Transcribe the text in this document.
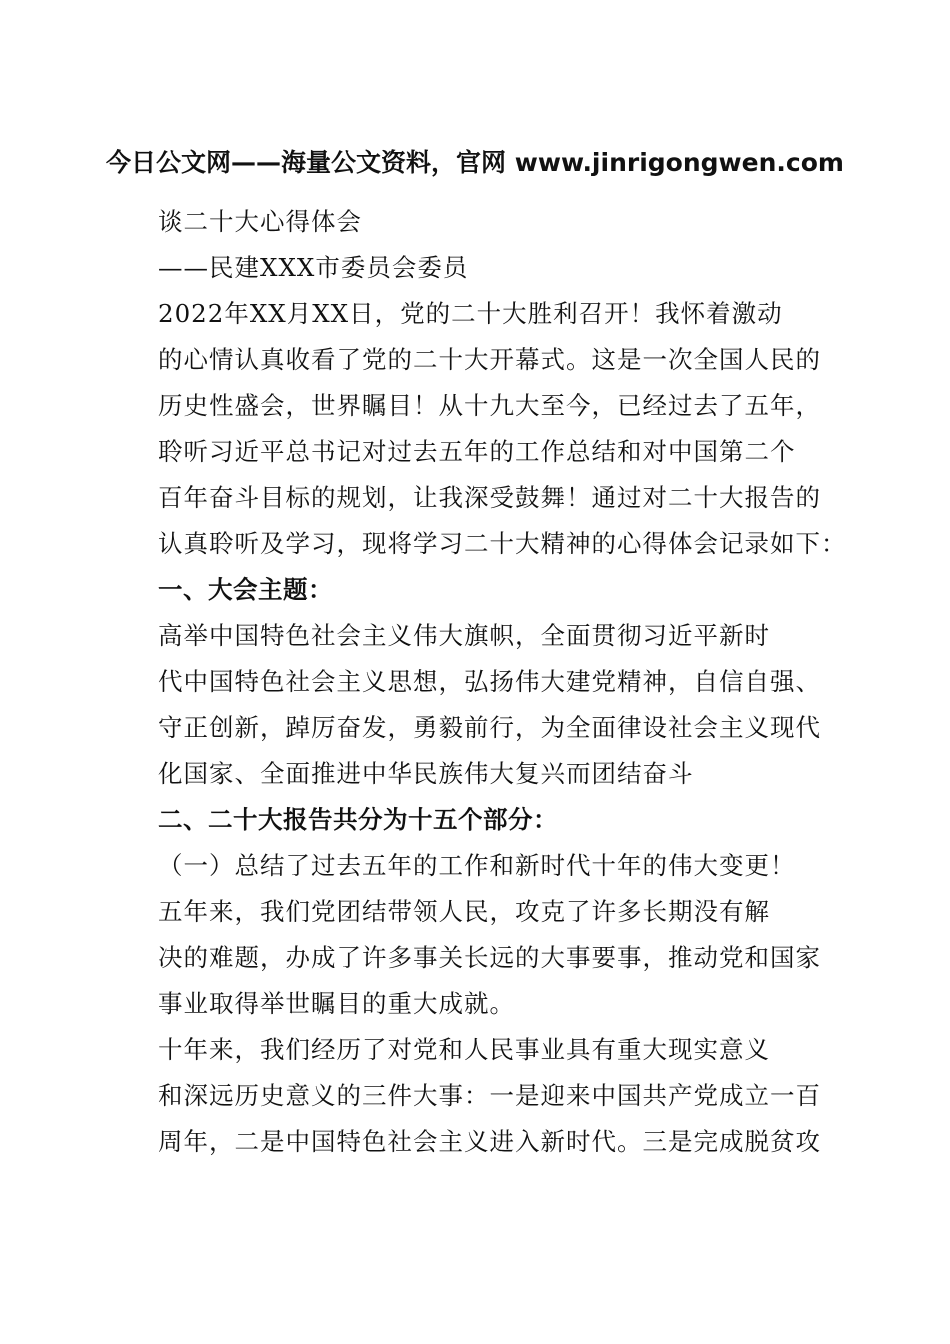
今日公文网——海量公文资料，官网 www.jinrigongwen.com
谈二十大心得体会
——民建XXX市委员会委员
2022年XX月XX日，党的二十大胜利召开！我怀着激动
的心情认真收看了党的二十大开幕式。这是一次全国人民的
历史性盛会，世界瞩目！从十九大至今，已经过去了五年，
聆听习近平总书记对过去五年的工作总结和对中国第二个
百年奋斗目标的规划，让我深受鼓舞！通过对二十大报告的
认真聆听及学习，现将学习二十大精神的心得体会记录如下：
一、大会主题：
高举中国特色社会主义伟大旗帜，全面贯彻习近平新时
代中国特色社会主义思想，弘扬伟大建党精神，自信自强、
守正创新，踔厉奋发，勇毅前行，为全面律设社会主义现代
化国家、全面推进中华民族伟大复兴而团结奋斗
二、二十大报告共分为十五个部分：
（一）总结了过去五年的工作和新时代十年的伟大变更！
五年来，我们党团结带领人民，攻克了许多长期没有解
决的难题，办成了许多事关长远的大事要事，推动党和国家
事业取得举世瞩目的重大成就。
十年来，我们经历了对党和人民事业具有重大现实意义
和深远历史意义的三件大事：一是迎来中国共产党成立一百
周年，二是中国特色社会主义进入新时代。三是完成脱贫攻
